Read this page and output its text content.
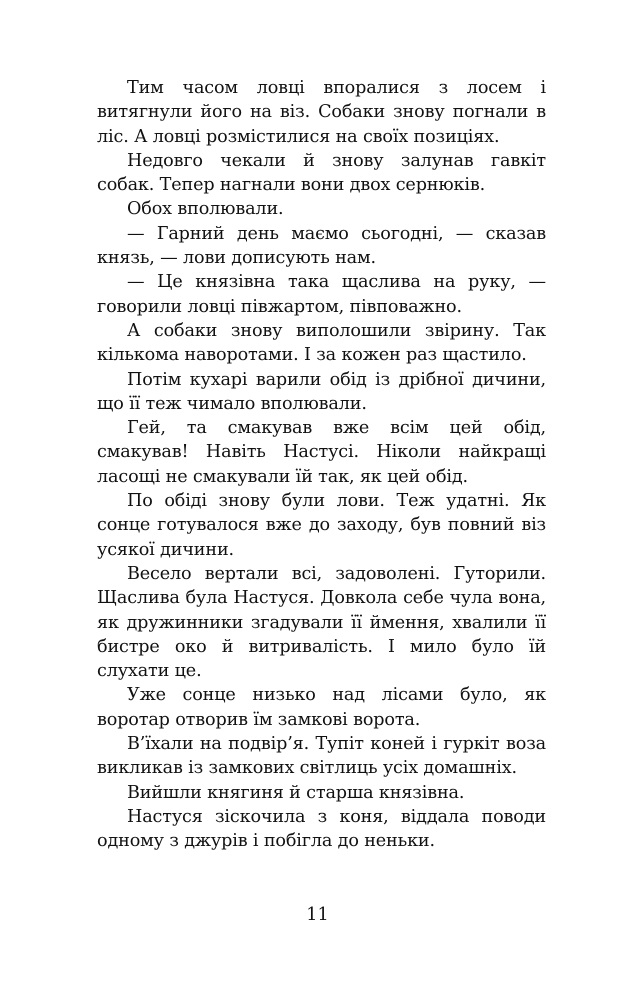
Тим часом ловці впоралися з лосем і витягнули його на віз. Собаки знову погнали в ліс. А ловці розмістилися на своїх позиціях.

Недовго чекали й знову залунав гавкіт собак. Тепер нагнали вони двох сернюків.

Обох вполювали.

— Гарний день маємо сьогодні, — сказав князь, — лови дописують нам.

— Це князівна така щаслива на руку, — говорили ловці півжартом, півповажно.

А собаки знову виполошили звірину. Так кількома наворотами. І за кожен раз щастило.

Потім кухарі варили обід із дрібної дичини, що її теж чимало вполювали.

Гей, та смакував вже всім цей обід, смакував! Навіть Настусі. Ніколи найкращі ласощі не смакували їй так, як цей обід.

По обіді знову були лови. Теж удатні. Як сонце готувалося вже до заходу, був повний віз усякої дичини.

Весело вертали всі, задоволені. Гуторили. Щаслива була Настуся. Довкола себе чула вона, як дружинники згадували її ймення, хвалили її бистре око й витривалість. І мило було їй слухати це.

Уже сонце низько над лісами було, як воротар отворив їм замкові ворота.

В’їхали на подвір’я. Тупіт коней і гуркіт воза викликав із замкових світлиць усіх домашніх.

Вийшли княгиня й старша князівна.

Настуся зіскочила з коня, віддала поводи одному з джурів і побігла до неньки.

11
